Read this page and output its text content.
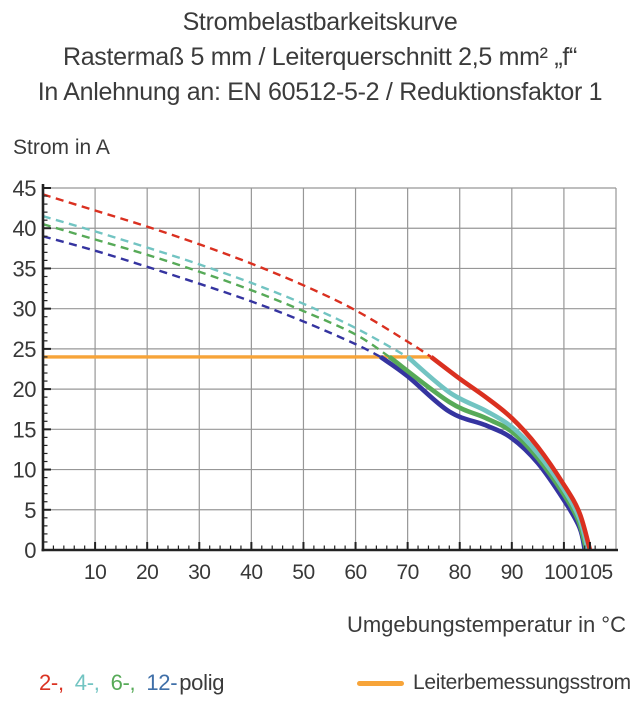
Strombelastbarkeitskurve
Rastermaß 5 mm / Leiterquerschnitt 2,5 mm² „f“
In Anlehnung an: EN 60512-5-2 / Reduktionsfaktor 1
Strom in A
10 20 30 40 50 60 70 80 90 100 105
0
5
10
15
20
25
30
35
40
45
Umgebungstemperatur in °C
2-, 4-, 6-, 12- polig	Leiterbemessungsstrom
